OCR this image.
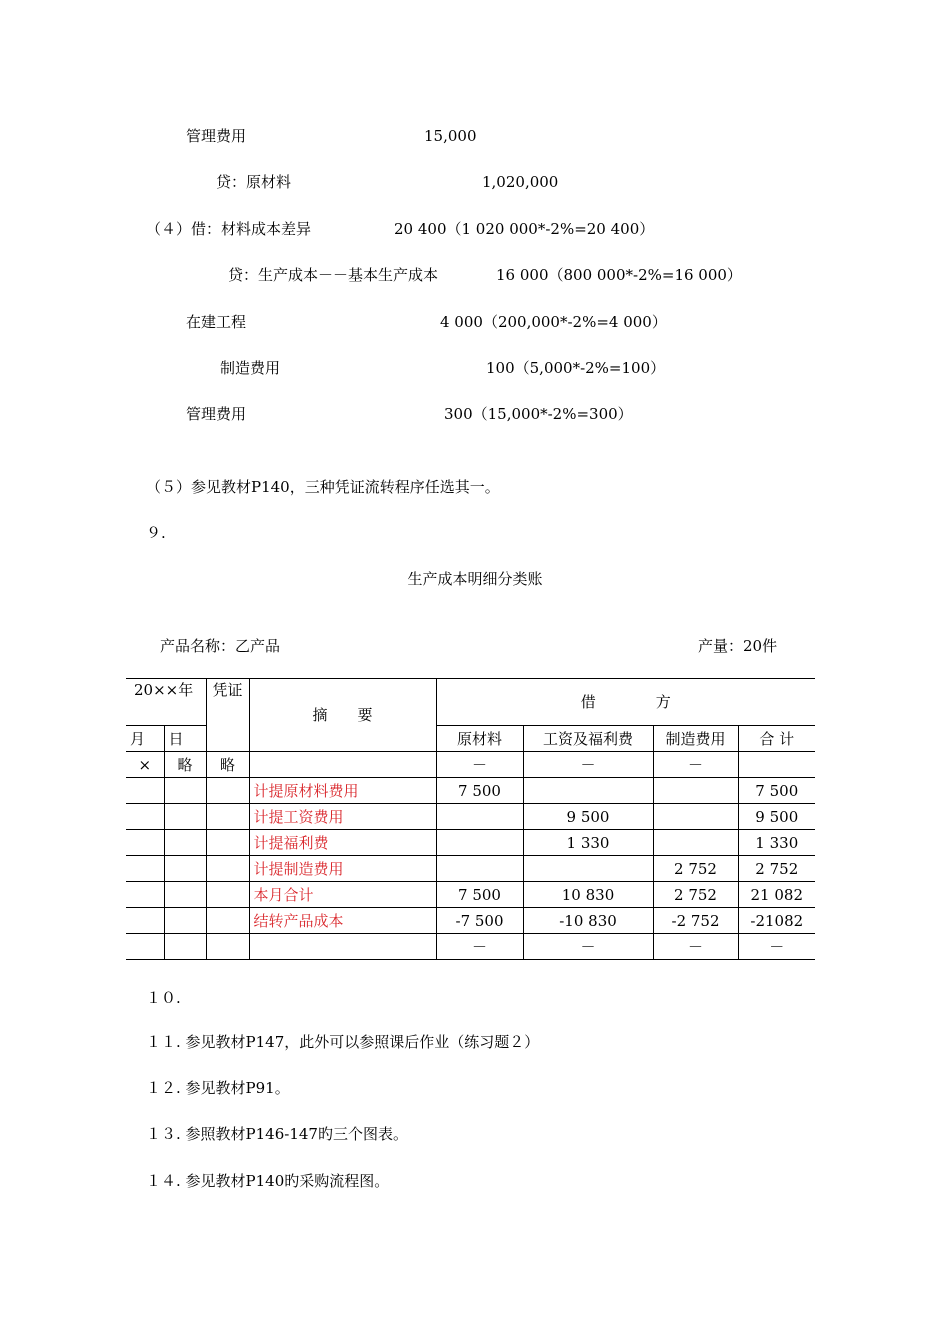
管理费用	15,000
贷：原材料	1,020,000
（４）借：材料成本差异	20 400（1 020 000*-2%=20 400）
贷：生产成本－－基本生产成本	16 000（800 000*-2%=16 000）
在建工程	4 000（200,000*-2%=4 000）
制造费用	100（5,000*-2%=100）
管理费用	300（15,000*-2%=300）
（５）参见教材P140，三种凭证流转程序任选其一。
９.
生产成本明细分类账
产品名称：乙产品	产量：20件
20××年		凭证	摘　　要	借　　　　方			
月	日			原材料	工资及福利费	制造费用	合 计
×	略	略		－	－	－	
			计提原材料费用	7 500			7 500
			计提工资费用		9 500		9 500
			计提福利费		1 330		1 330
			计提制造费用			2 752	2 752
			本月合计	7 500	10 830	2 752	21 082
			结转产品成本	-7 500	-10 830	-2 752	-21082
				－	－	－	－
１０.
１１. 参见教材P147，此外可以参照课后作业（练习题２）
１２. 参见教材P91。
１３. 参照教材P146-147旳三个图表。
１４. 参见教材P140旳采购流程图。
